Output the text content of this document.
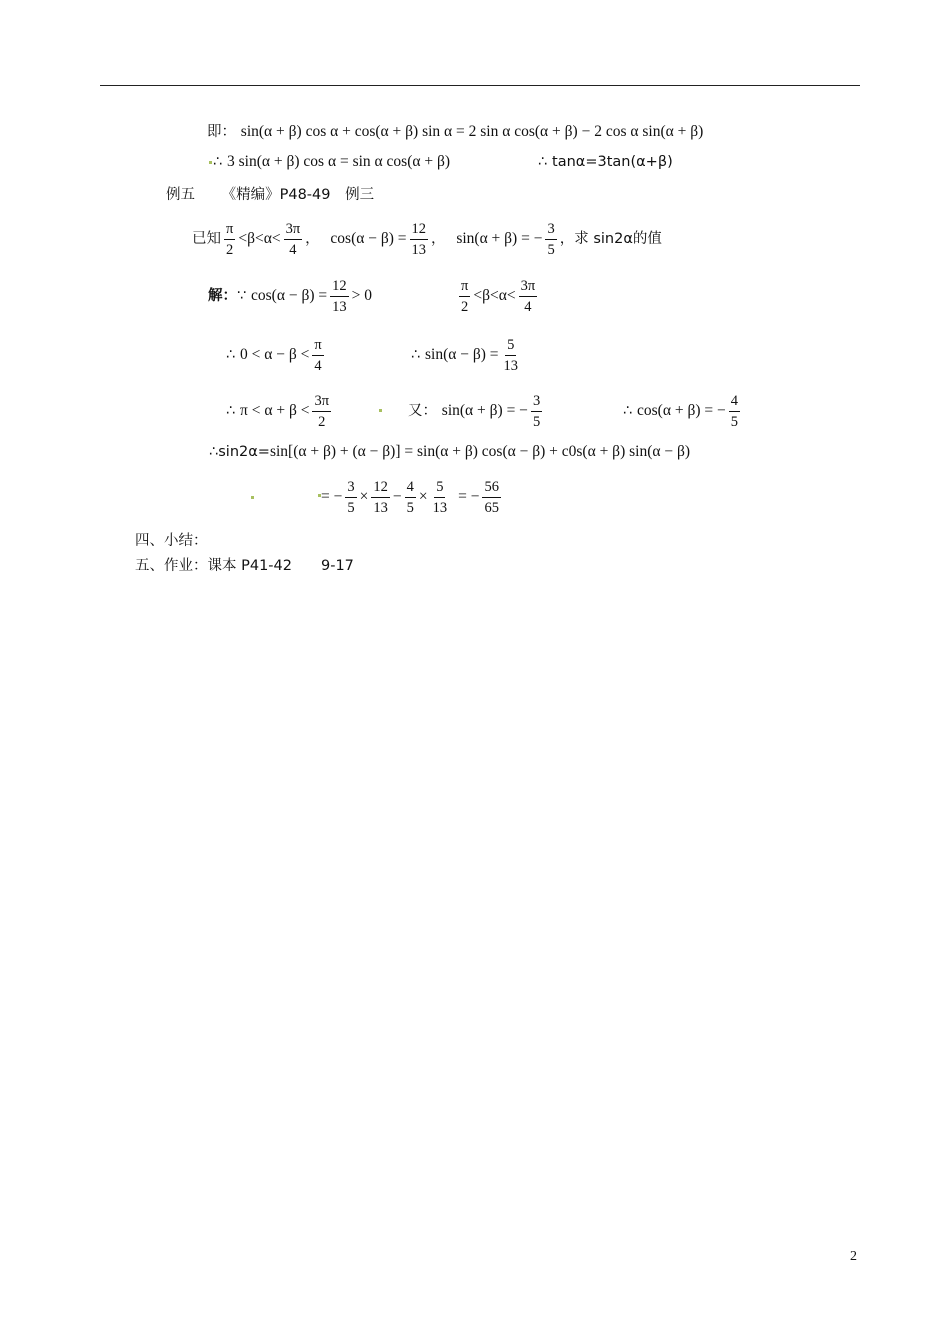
即： sin(α + β) cos α + cos(α + β) sin α = 2 sin α cos(α + β) − 2 cos α sin(α + β)
∴ 3 sin(α + β) cos α = sin α cos(α + β)	∴ tanα=3tan(α+β)
例五 《精编》P48-49 例三
已知 $\frac{\pi}{2} <\beta<\alpha< \frac{3\pi}{4}$ ， $\cos(\alpha - \beta) = \frac{12}{13}$ ， sin(α + β) = − $\frac{3}{5}$ ，求 sin2α的值
解：∵ $\cos(\alpha - \beta) = \frac{12}{13} > 0$	$\frac{\pi}{2} <\beta<\alpha< \frac{3\pi}{4}$
∴ $0 < \alpha - \beta < \frac{\pi}{4}$	∴ $\sin(\alpha - \beta) = \frac{5}{13}$
∴ $\pi < \alpha + \beta < \frac{3\pi}{2}$	又： sin(α + β) = − $\frac{3}{5}$	∴ cos(α + β) = − $\frac{4}{5}$
∴sin2α=sin[(α + β) + (α − β)] = sin(α + β) cos(α − β) + c0s(α + β) sin(α − β)
= − $\frac{3}{5} \times \frac{12}{13} - \frac{4}{5} \times \frac{5}{13}$ = − $\frac{56}{65}$
四、小结：
五、作业：课本 P41-42　　9-17
2
